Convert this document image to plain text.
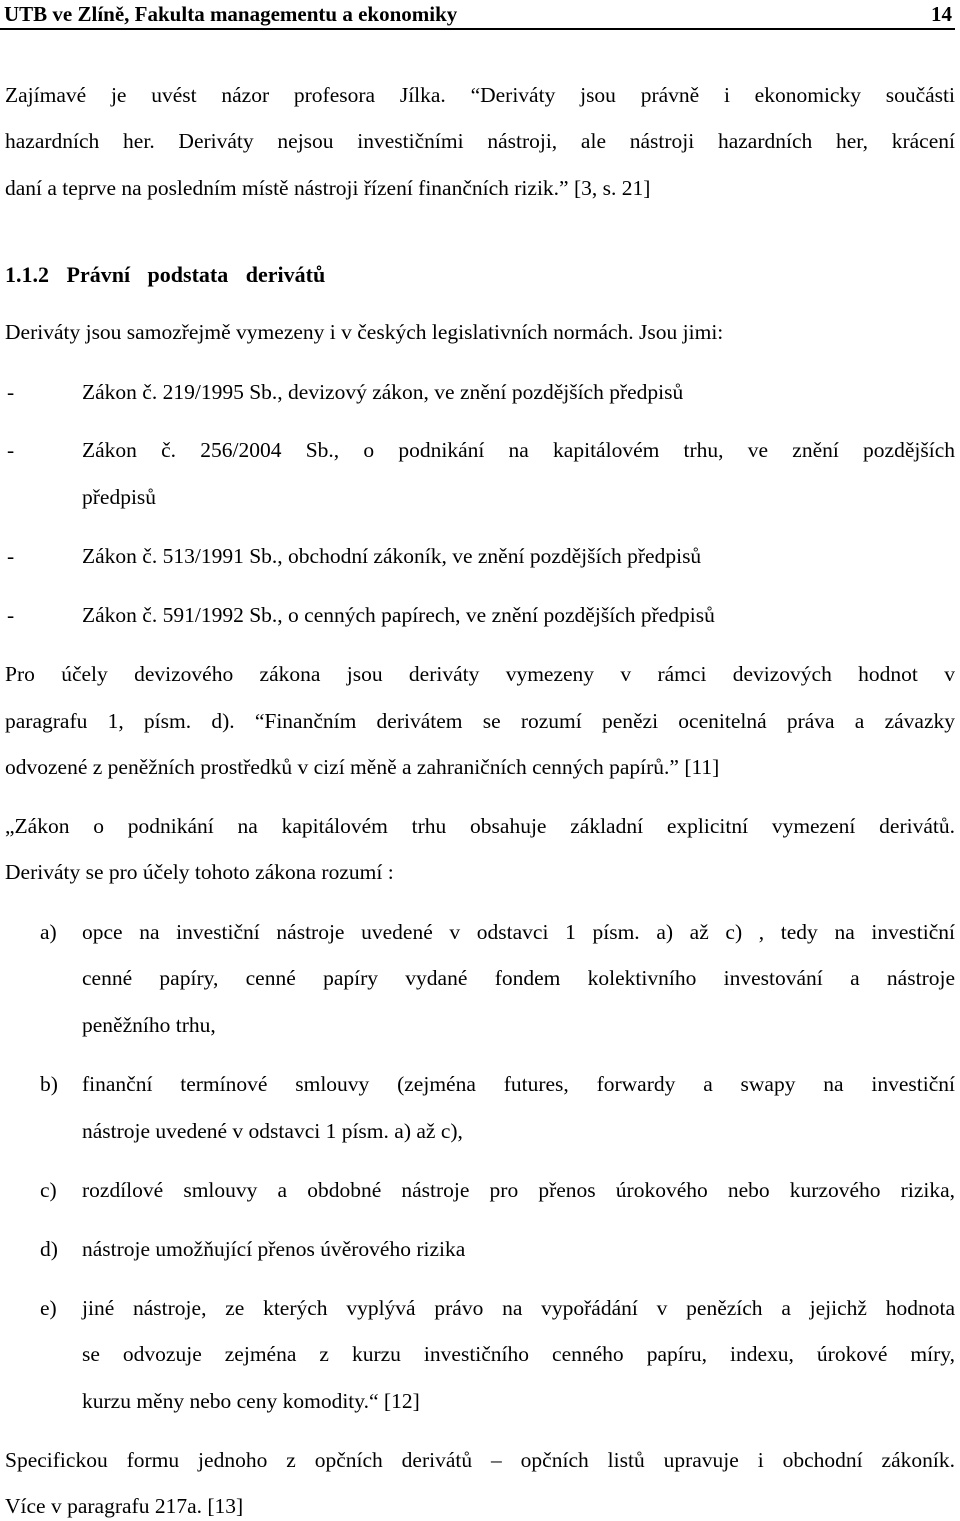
UTB ve Zlíně, Fakulta managementu a ekonomiky	14
Zajímavé je uvést názor profesora Jílka. “Deriváty jsou právně i ekonomicky součásti
hazardních her. Deriváty nejsou investičními nástroji, ale nástroji hazardních her, krácení
daní a teprve na posledním místě nástroji řízení finančních rizik.” [3, s. 21]
1.1.2 Právní podstata derivátů
Deriváty jsou samozřejmě vymezeny i v českých legislativních normách. Jsou jimi:
-	Zákon č. 219/1995 Sb., devizový zákon, ve znění pozdějších předpisů
-	Zákon č. 256/2004 Sb., o podnikání na kapitálovém trhu, ve znění pozdějších
předpisů
-	Zákon č. 513/1991 Sb., obchodní zákoník, ve znění pozdějších předpisů
-	Zákon č. 591/1992 Sb., o cenných papírech, ve znění pozdějších předpisů
Pro účely devizového zákona jsou deriváty vymezeny v rámci devizových hodnot v
paragrafu 1, písm. d). “Finančním derivátem se rozumí penězi ocenitelná práva a závazky
odvozené z peněžních prostředků v cizí měně a zahraničních cenných papírů.” [11]
„Zákon o podnikání na kapitálovém trhu obsahuje základní explicitní vymezení derivátů.
Deriváty se pro účely tohoto zákona rozumí :
a) opce na investiční nástroje uvedené v odstavci 1 písm. a) až c) , tedy na investiční
cenné papíry, cenné papíry vydané fondem kolektivního investování a nástroje
peněžního trhu,
b) finanční termínové smlouvy (zejména futures, forwardy a swapy na investiční
nástroje uvedené v odstavci 1 písm. a) až c),
c) rozdílové smlouvy a obdobné nástroje pro přenos úrokového nebo kurzového rizika,
d) nástroje umožňující přenos úvěrového rizika
e) jiné nástroje, ze kterých vyplývá právo na vypořádání v penězích a jejichž hodnota
se odvozuje zejména z kurzu investičního cenného papíru, indexu, úrokové míry,
kurzu měny nebo ceny komodity.“ [12]
Specifickou formu jednoho z opčních derivátů – opčních listů upravuje i obchodní zákoník.
Více v paragrafu 217a. [13]
